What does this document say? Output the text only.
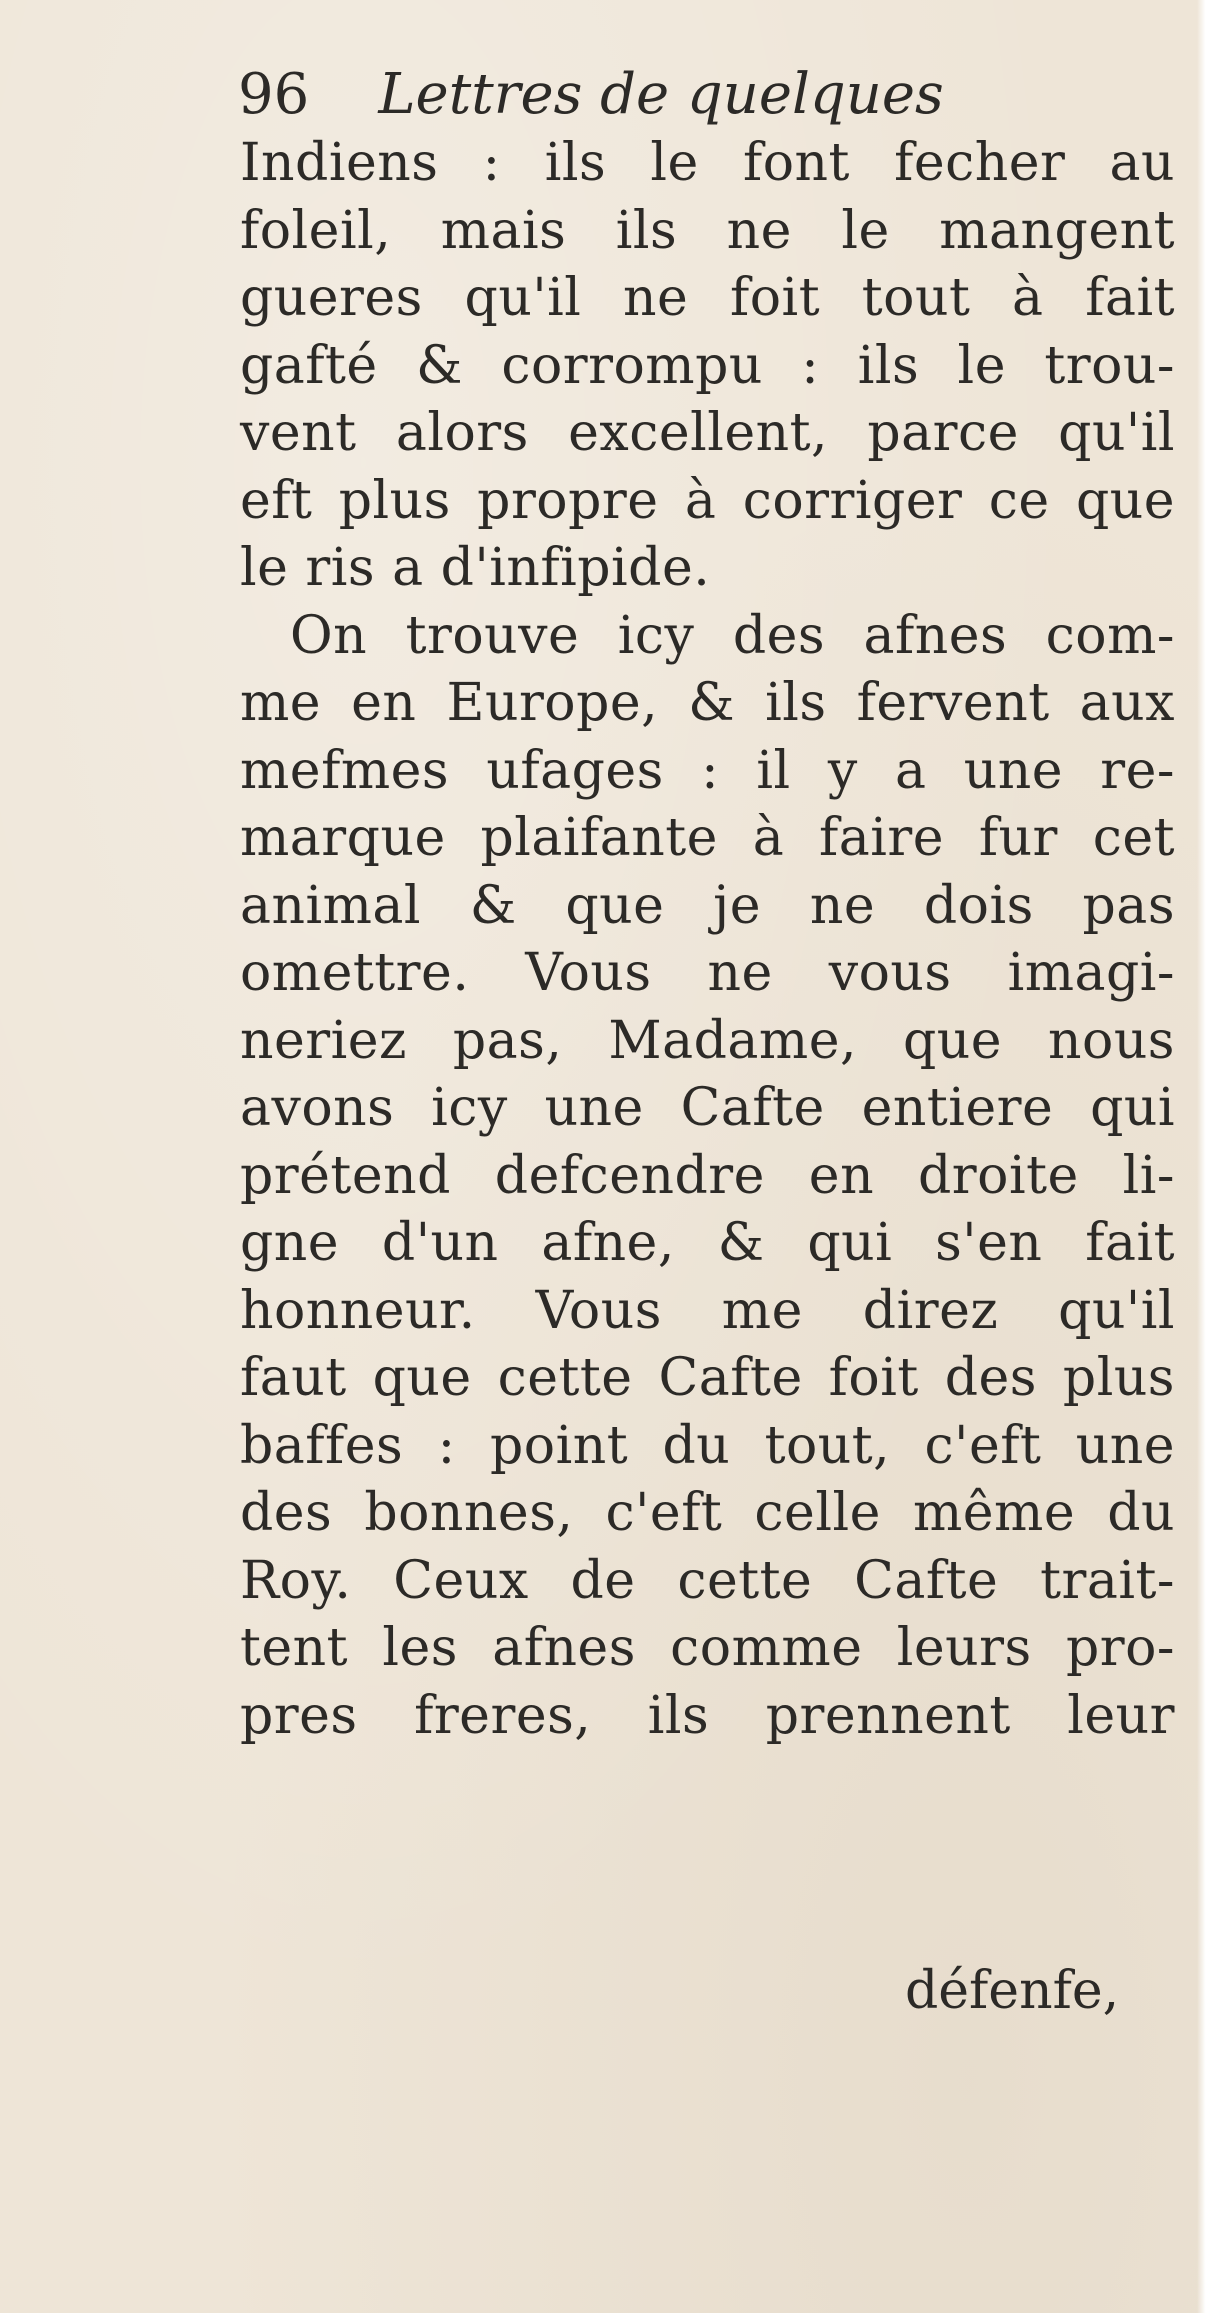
96 Lettres de quelques
Indiens : ils le font fecher au
foleil, mais ils ne le mangent
gueres qu'il ne foit tout à fait
gafté & corrompu : ils le trou-
vent alors excellent, parce qu'il
eft plus propre à corriger ce que
le ris a d'infipide.
On trouve icy des afnes com-
me en Europe, & ils fervent aux
mefmes ufages : il y a une re-
marque plaifante à faire fur cet
animal & que je ne dois pas
omettre. Vous ne vous imagi-
neriez pas, Madame, que nous
avons icy une Cafte entiere qui
prétend defcendre en droite li-
gne d'un afne, & qui s'en fait
honneur. Vous me direz qu'il
faut que cette Cafte foit des plus
baffes : point du tout, c'eft une
des bonnes, c'eft celle même du
Roy. Ceux de cette Cafte trait-
tent les afnes comme leurs pro-
pres freres, ils prennent leur
défenfe,
